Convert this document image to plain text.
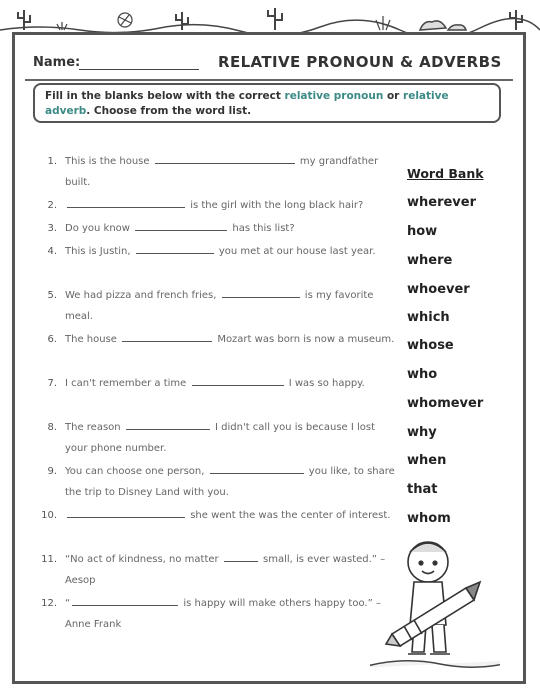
Name:	RELATIVE PRONOUN & ADVERBS
Fill in the blanks below with the correct relative pronoun or relative adverb. Choose from the word list.
1. This is the house	my grandfather built.
2.	is the girl with the long black hair?
3. Do you know	has this list?
4. This is Justin,	you met at our house last year.
5. We had pizza and french fries,	is my favorite meal.
6. The house	Mozart was born is now a museum.
7. I can't remember a time	I was so happy.
8. The reason	I didn't call you is because I lost your phone number.
9. You can choose one person,	you like, to share the trip to Disney Land with you.
10.	she went the was the center of interest.
11. “No act of kindness, no matter	small, is ever wasted.” – Aesop
12. “	is happy will make others happy too.” – Anne Frank
Word Bank
wherever
how
where
whoever
which
whose
who
whomever
why
when
that
whom
